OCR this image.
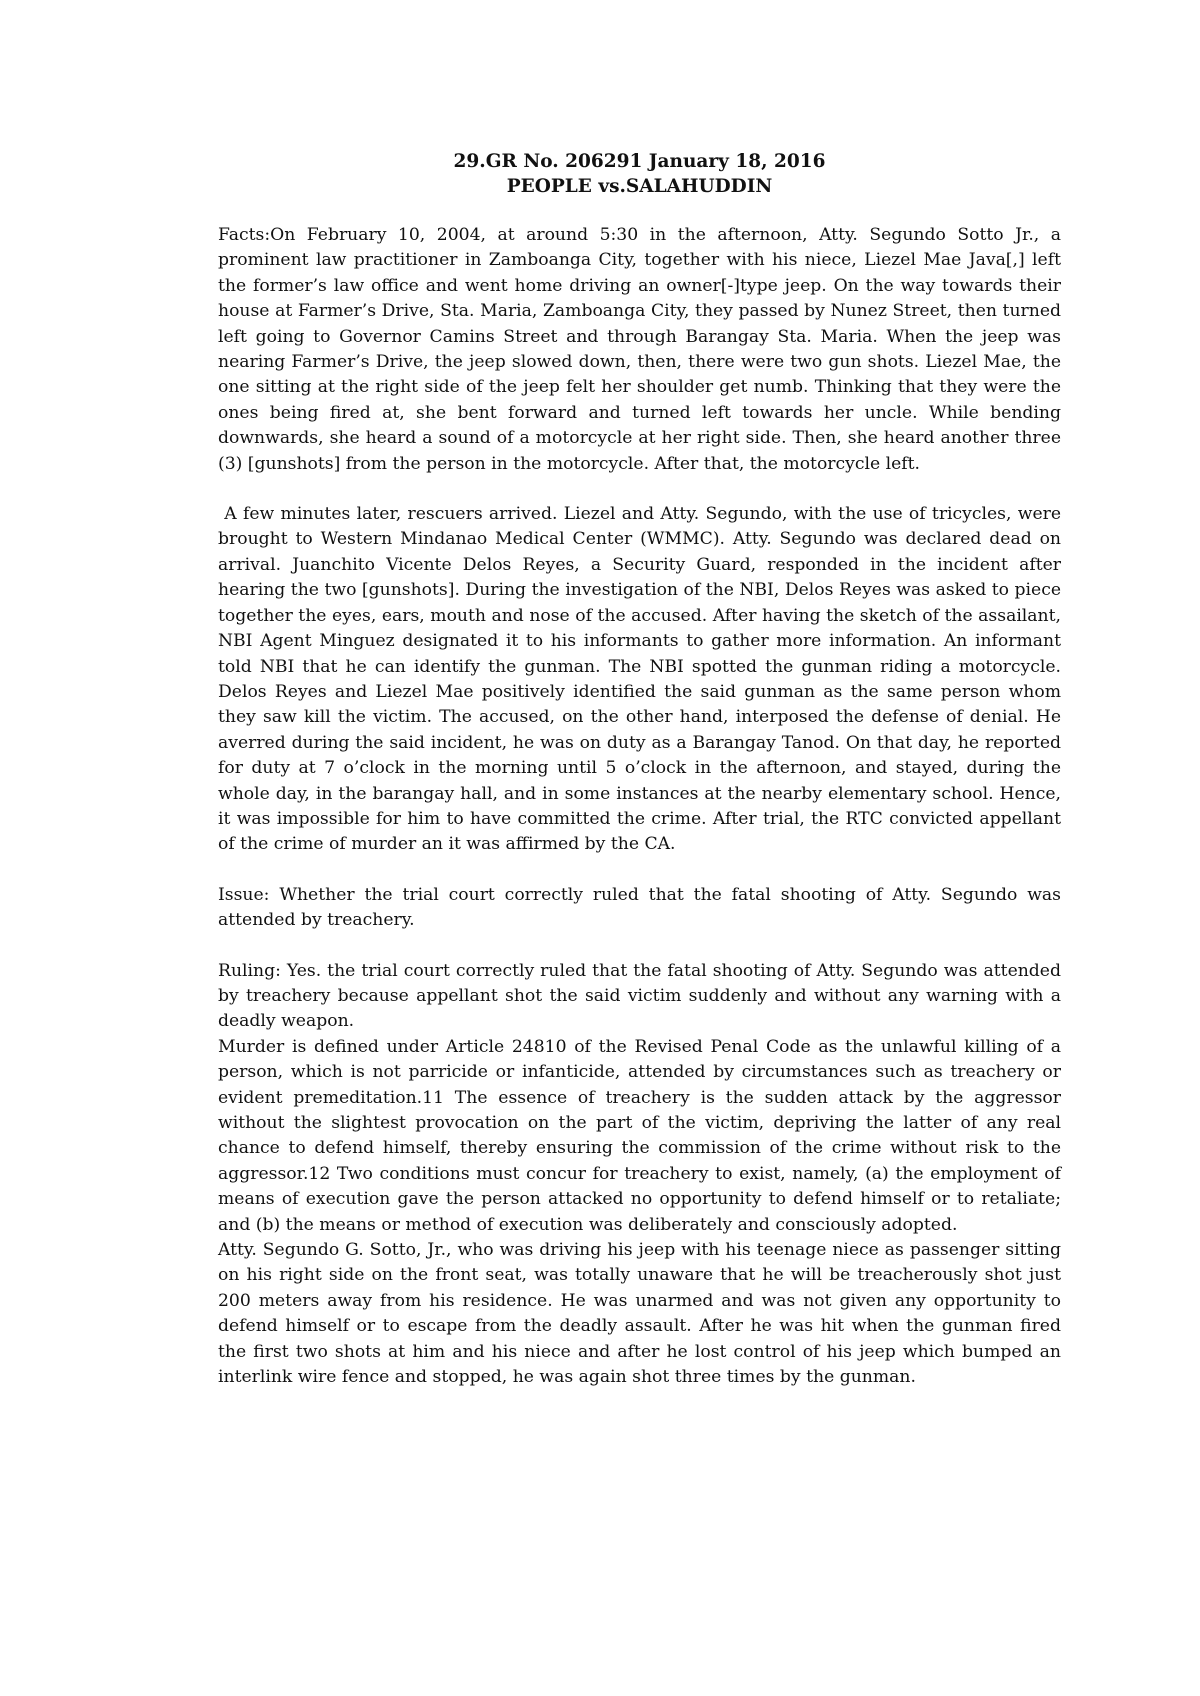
29.GR No. 206291 January 18, 2016

PEOPLE vs.SALAHUDDIN

Facts:On February 10, 2004, at around 5:30 in the afternoon, Atty. Segundo Sotto Jr., a prominent law practitioner in Zamboanga City, together with his niece, Liezel Mae Java[,] left the former’s law office and went home driving an owner[-]type jeep. On the way towards their house at Farmer’s Drive, Sta. Maria, Zamboanga City, they passed by Nunez Street, then turned left going to Governor Camins Street and through Barangay Sta. Maria. When the jeep was nearing Farmer’s Drive, the jeep slowed down, then, there were two gun shots. Liezel Mae, the one sitting at the right side of the jeep felt her shoulder get numb. Thinking that they were the ones being fired at, she bent forward and turned left towards her uncle. While bending downwards, she heard a sound of a motorcycle at her right side. Then, she heard another three (3) [gunshots] from the person in the motorcycle. After that, the motorcycle left.

A few minutes later, rescuers arrived. Liezel and Atty. Segundo, with the use of tricycles, were brought to Western Mindanao Medical Center (WMMC). Atty. Segundo was declared dead on arrival. Juanchito Vicente Delos Reyes, a Security Guard, responded in the incident after hearing the two [gunshots]. During the investigation of the NBI, Delos Reyes was asked to piece together the eyes, ears, mouth and nose of the accused. After having the sketch of the assailant, NBI Agent Minguez designated it to his informants to gather more information. An informant told NBI that he can identify the gunman. The NBI spotted the gunman riding a motorcycle. Delos Reyes and Liezel Mae positively identified the said gunman as the same person whom they saw kill the victim. The accused, on the other hand, interposed the defense of denial. He averred during the said incident, he was on duty as a Barangay Tanod. On that day, he reported for duty at 7 o’clock in the morning until 5 o’clock in the afternoon, and stayed, during the whole day, in the barangay hall, and in some instances at the nearby elementary school. Hence, it was impossible for him to have committed the crime. After trial, the RTC convicted appellant of the crime of murder an it was affirmed by the CA.

Issue: Whether the trial court correctly ruled that the fatal shooting of Atty. Segundo was attended by treachery.

Ruling: Yes. the trial court correctly ruled that the fatal shooting of Atty. Segundo was attended by treachery because appellant shot the said victim suddenly and without any warning with a deadly weapon.

Murder is defined under Article 24810 of the Revised Penal Code as the unlawful killing of a person, which is not parricide or infanticide, attended by circumstances such as treachery or evident premeditation.11 The essence of treachery is the sudden attack by the aggressor without the slightest provocation on the part of the victim, depriving the latter of any real chance to defend himself, thereby ensuring the commission of the crime without risk to the aggressor.12 Two conditions must concur for treachery to exist, namely, (a) the employment of means of execution gave the person attacked no opportunity to defend himself or to retaliate; and (b) the means or method of execution was deliberately and consciously adopted.

Atty. Segundo G. Sotto, Jr., who was driving his jeep with his teenage niece as passenger sitting on his right side on the front seat, was totally unaware that he will be treacherously shot just 200 meters away from his residence. He was unarmed and was not given any opportunity to defend himself or to escape from the deadly assault. After he was hit when the gunman fired the first two shots at him and his niece and after he lost control of his jeep which bumped an interlink wire fence and stopped, he was again shot three times by the gunman.
